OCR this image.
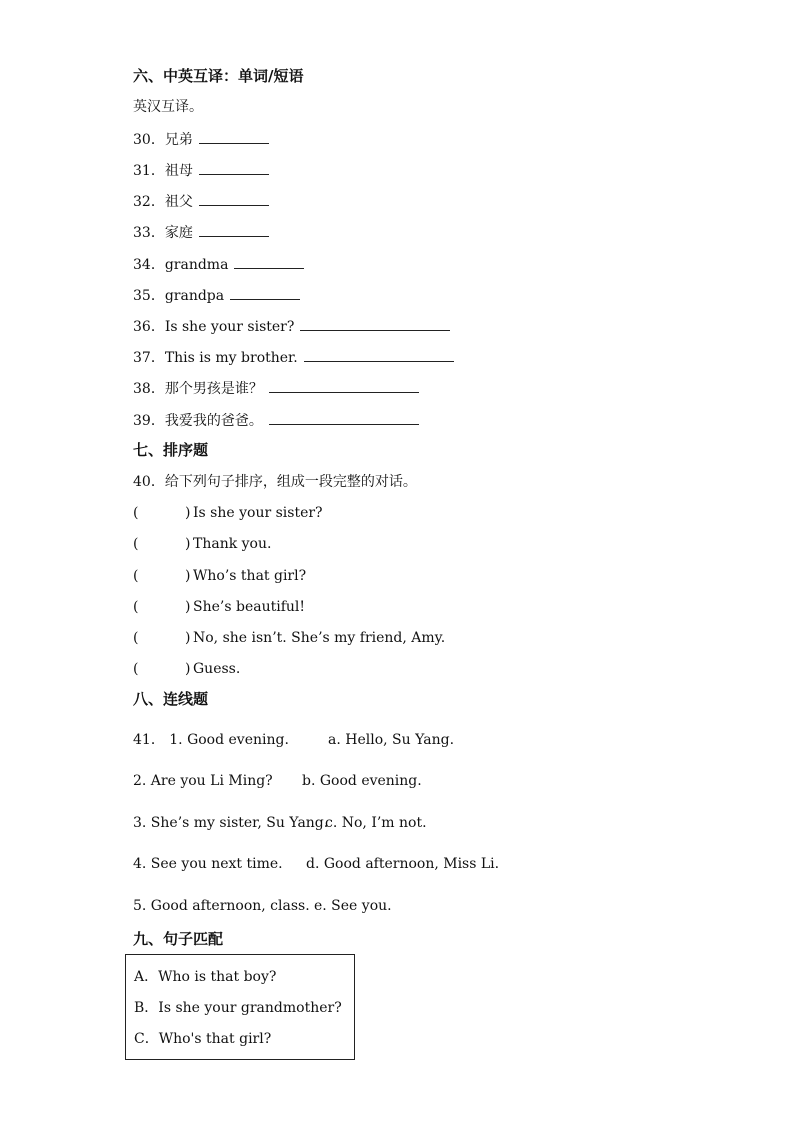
六、中英互译：单词/短语
英汉互译。
30．兄弟
31．祖母
32．祖父
33．家庭
34．grandma
35．grandpa
36．Is she your sister?
37．This is my brother.
38．那个男孩是谁？
39．我爱我的爸爸。
七、排序题
40．给下列句子排序，组成一段完整的对话。
(	) Is she your sister?
(	) Thank you.
(	) Who’s that girl?
(	) She’s beautiful!
(	) No, she isn’t. She’s my friend, Amy.
(	) Guess.
八、连线题
41． 1. Good evening.	a. Hello, Su Yang.
2. Are you Li Ming? b. Good evening.
3. She’s my sister, Su Yang.
c. No, I’m not.
4. See you next time. d. Good afternoon, Miss Li.
5. Good afternoon, class. e. See you.
九、句子匹配
A．Who is that boy?
B．Is she your grandmother?
C．Who's that girl?
